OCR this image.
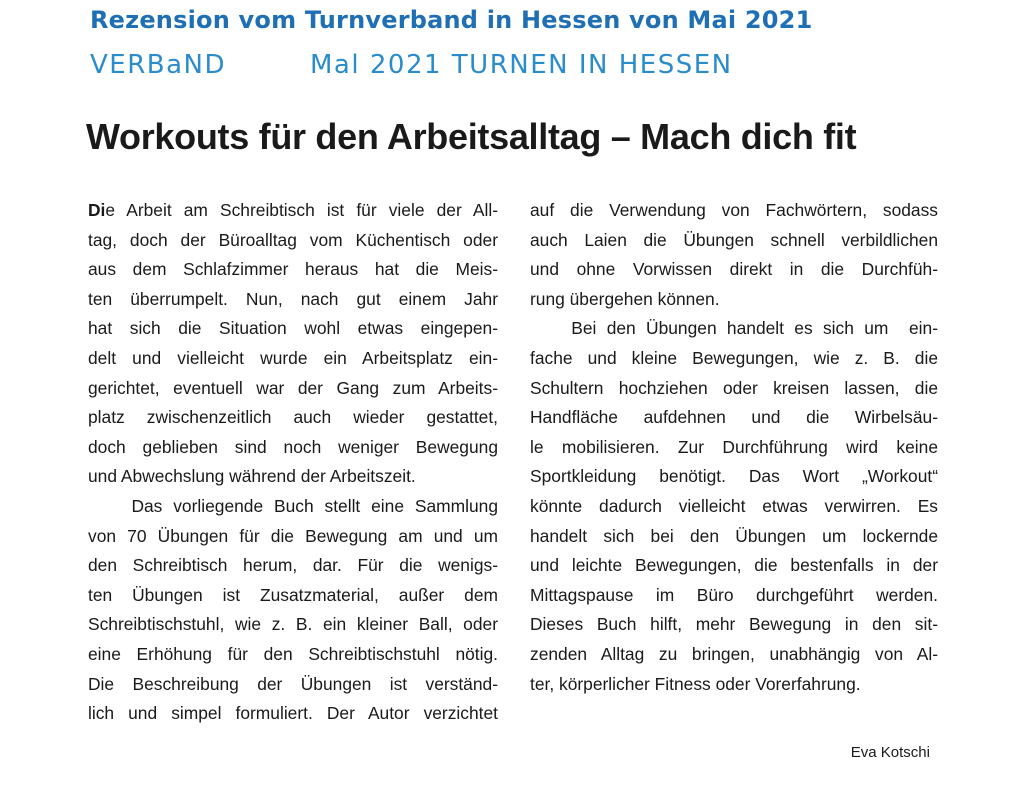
Rezension vom Turnverband in Hessen von Mai 2021
VERBaND	Mal 2021 TURNEN IN HESSEN
Workouts für den Arbeitsalltag – Mach dich fit
Die Arbeit am Schreibtisch ist für viele der All-
tag, doch der Büroalltag vom Küchentisch oder
aus dem Schlafzimmer heraus hat die Meis-
ten überrumpelt. Nun, nach gut einem Jahr
hat sich die Situation wohl etwas eingepen-
delt und vielleicht wurde ein Arbeitsplatz ein-
gerichtet, eventuell war der Gang zum Arbeits-
platz zwischenzeitlich auch wieder gestattet,
doch geblieben sind noch weniger Bewegung
und Abwechslung während der Arbeitszeit.
Das vorliegende Buch stellt eine Sammlung
von 70 Übungen für die Bewegung am und um
den Schreibtisch herum, dar. Für die wenigs-
ten Übungen ist Zusatzmaterial, außer dem
Schreibtischstuhl, wie z. B. ein kleiner Ball, oder
eine Erhöhung für den Schreibtischstuhl nötig.
Die Beschreibung der Übungen ist verständ-
lich und simpel formuliert. Der Autor verzichtet
auf die Verwendung von Fachwörtern, sodass
auch Laien die Übungen schnell verbildlichen
und ohne Vorwissen direkt in die Durchfüh-
rung übergehen können.
Bei den Übungen handelt es sich um  ein-
fache und kleine Bewegungen, wie z. B. die
Schultern hochziehen oder kreisen lassen, die
Handfläche aufdehnen und die Wirbelsäu-
le mobilisieren. Zur Durchführung wird keine
Sportkleidung benötigt. Das Wort „Workout“
könnte dadurch vielleicht etwas verwirren. Es
handelt sich bei den Übungen um lockernde
und leichte Bewegungen, die bestenfalls in der
Mittagspause im Büro durchgeführt werden.
Dieses Buch hilft, mehr Bewegung in den sit-
zenden Alltag zu bringen, unabhängig von Al-
ter, körperlicher Fitness oder Vorerfahrung.
Eva Kotschi
